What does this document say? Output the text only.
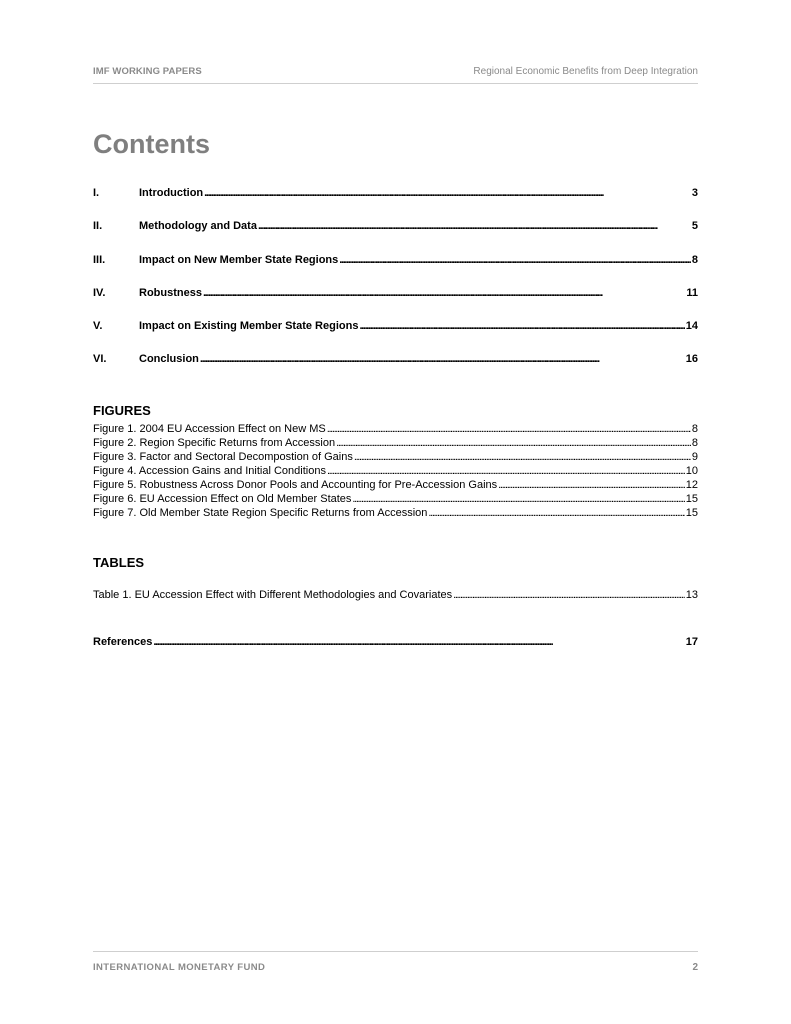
IMF WORKING PAPERS	Regional Economic Benefits from Deep Integration
Contents
I.	Introduction . . .	3
II.	Methodology and Data . . .	5
III.	Impact on New Member State Regions . . .	8
IV.	Robustness . . .	11
V.	Impact on Existing Member State Regions . . .	14
VI.	Conclusion . . .	16
FIGURES
Figure 1. 2004 EU Accession Effect on New MS . . .	8
Figure 2. Region Specific Returns from Accession . . .	8
Figure 3. Factor and Sectoral Decompostion of Gains . . .	9
Figure 4. Accession Gains and Initial Conditions . . .	10
Figure 5. Robustness Across Donor Pools and Accounting for Pre-Accession Gains . . .	12
Figure 6. EU Accession Effect on Old Member States . . .	15
Figure 7. Old Member State Region Specific Returns from Accession . . .	15
TABLES
Table 1. EU Accession Effect with Different Methodologies and Covariates . . .	13
References . . .	17
INTERNATIONAL MONETARY FUND	2
